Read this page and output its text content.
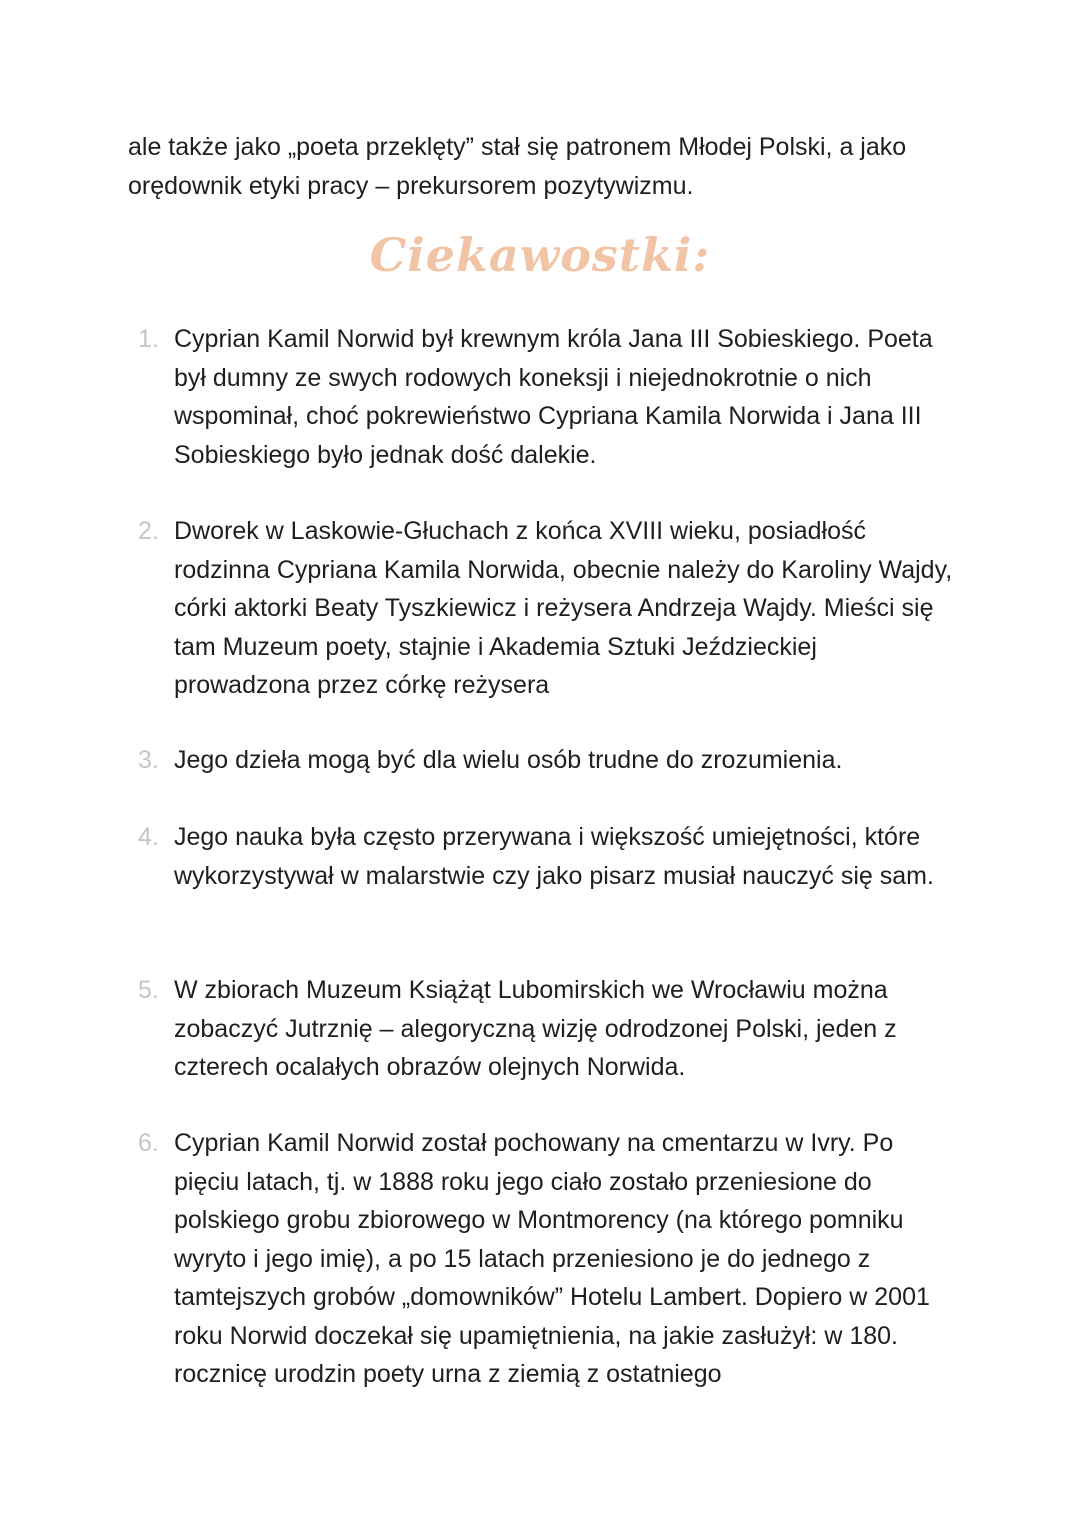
ale także jako „poeta przeklęty” stał się patronem Młodej Polski, a jako orędownik etyki pracy – prekursorem pozytywizmu.

Ciekawostki:
1. Cyprian Kamil Norwid był krewnym króla Jana III Sobieskiego. Poeta był dumny ze swych rodowych koneksji i niejednokrotnie o nich wspominał, choć pokrewieństwo Cypriana Kamila Norwida i Jana III Sobieskiego było jednak dość dalekie.
2. Dworek w Laskowie-Głuchach z końca XVIII wieku, posiadłość rodzinna Cypriana Kamila Norwida, obecnie należy do Karoliny Wajdy, córki aktorki Beaty Tyszkiewicz i reżysera Andrzeja Wajdy. Mieści się tam Muzeum poety, stajnie i Akademia Sztuki Jeździeckiej prowadzona przez córkę reżysera
3. Jego dzieła mogą być dla wielu osób trudne do zrozumienia.
4. Jego nauka była często przerywana i większość umiejętności, które wykorzystywał w malarstwie czy jako pisarz musiał nauczyć się sam.
5. W zbiorach Muzeum Książąt Lubomirskich we Wrocławiu można zobaczyć Jutrznię – alegoryczną wizję odrodzonej Polski, jeden z czterech ocalałych obrazów olejnych Norwida.
6. Cyprian Kamil Norwid został pochowany na cmentarzu w Ivry. Po pięciu latach, tj. w 1888 roku jego ciało zostało przeniesione do polskiego grobu zbiorowego w Montmorency (na którego pomniku wyryto i jego imię), a po 15 latach przeniesiono je do jednego z tamtejszych grobów „domowników” Hotelu Lambert. Dopiero w 2001 roku Norwid doczekał się upamiętnienia, na jakie zasłużył: w 180. rocznicę urodzin poety urna z ziemią z ostatniego
